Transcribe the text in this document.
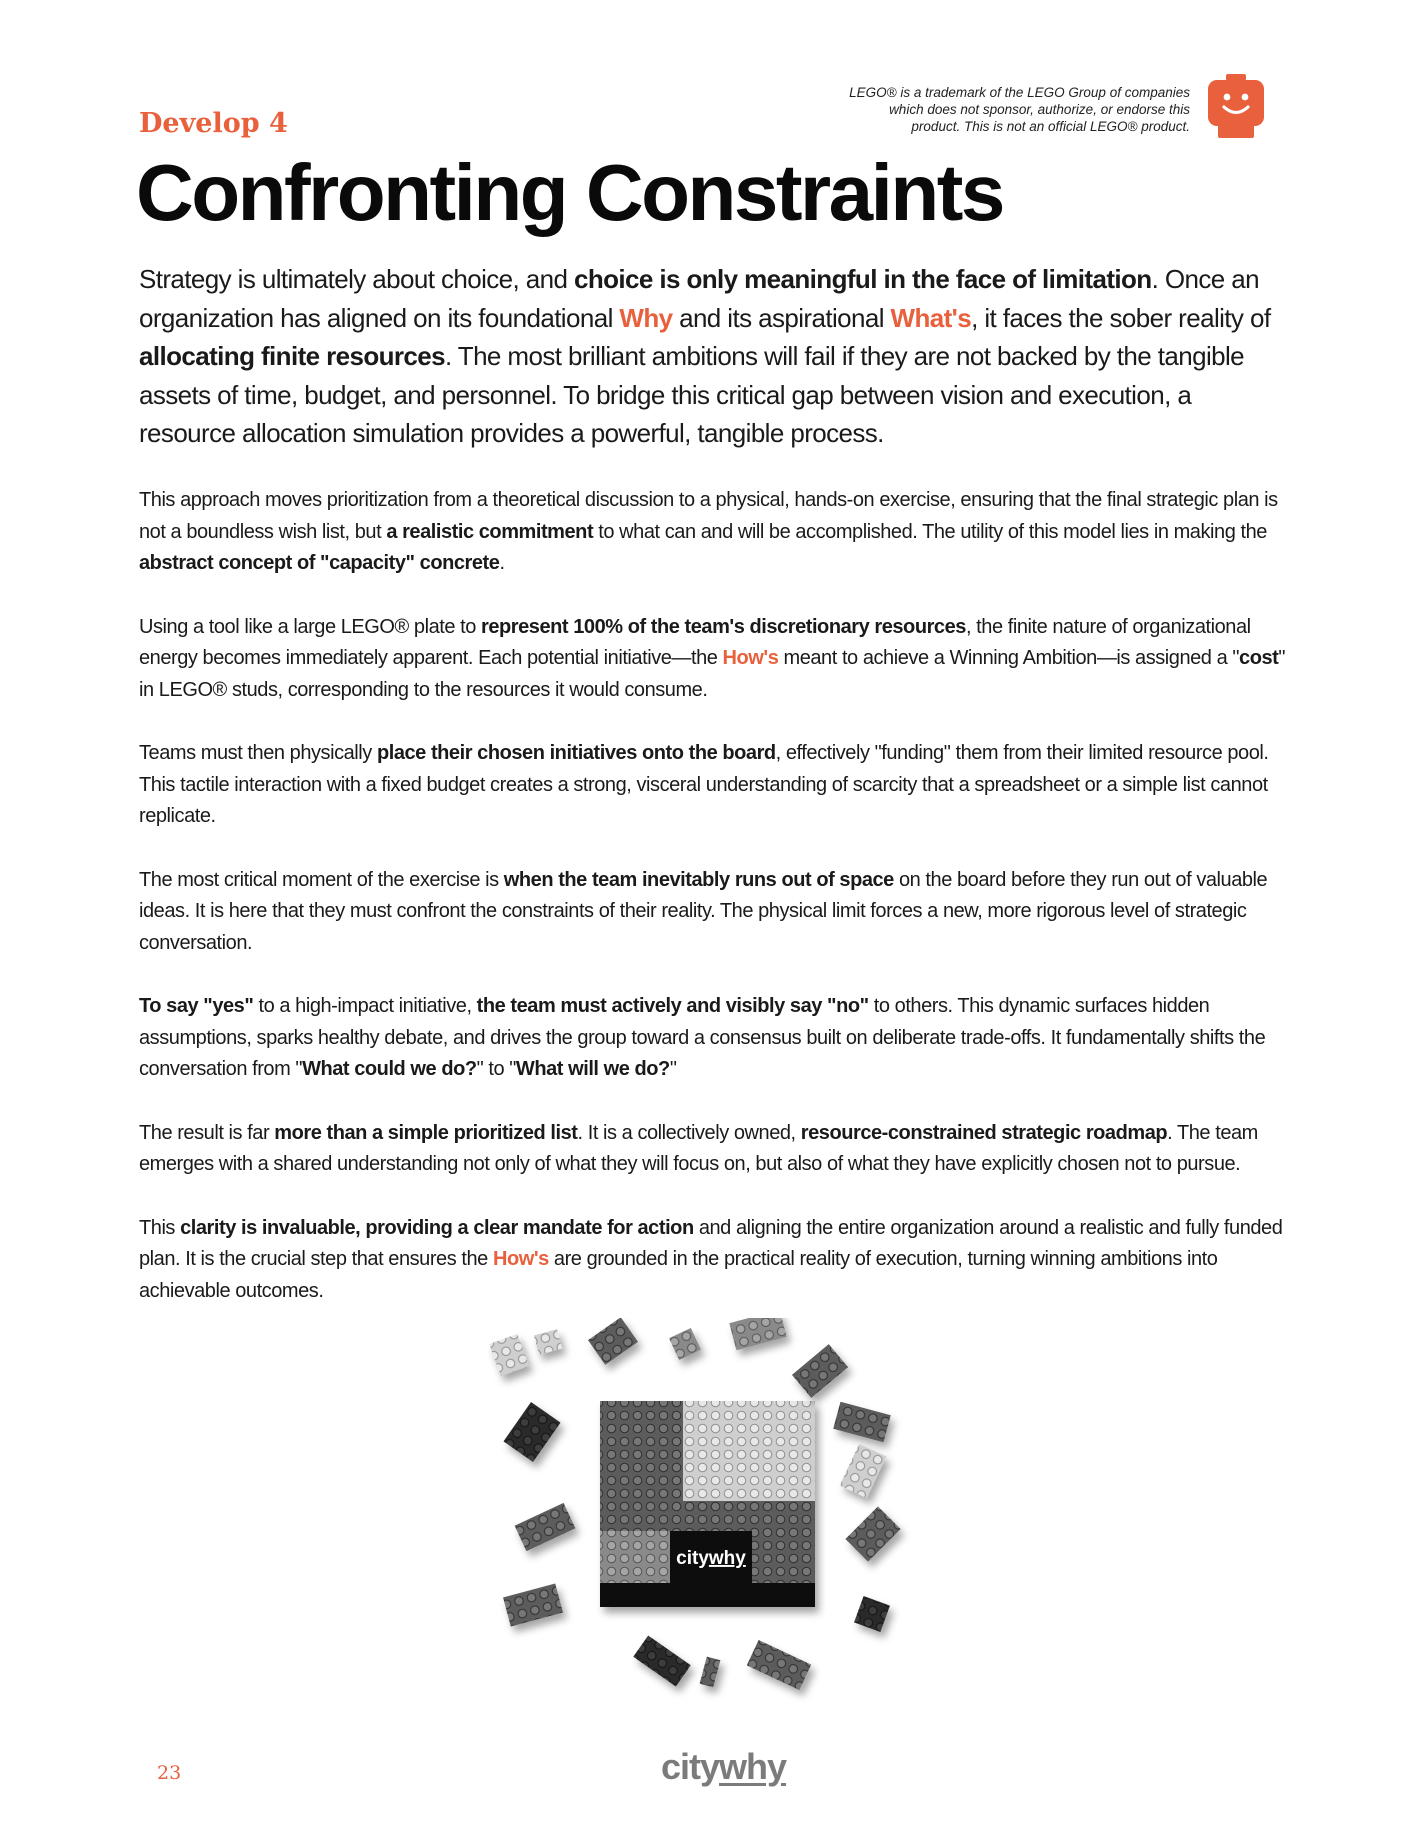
LEGO® is a trademark of the LEGO Group of companies
which does not sponsor, authorize, or endorse this
product. This is not an official LEGO® product.
Develop 4
Confronting Constraints

Strategy is ultimately about choice, and choice is only meaningful in the face of limitation. Once an organization has aligned on its foundational Why and its aspirational What's, it faces the sober reality of allocating finite resources. The most brilliant ambitions will fail if they are not backed by the tangible assets of time, budget, and personnel. To bridge this critical gap between vision and execution, a resource allocation simulation provides a powerful, tangible process.

This approach moves prioritization from a theoretical discussion to a physical, hands-on exercise, ensuring that the final strategic plan is not a boundless wish list, but a realistic commitment to what can and will be accomplished. The utility of this model lies in making the abstract concept of "capacity" concrete.

Using a tool like a large LEGO® plate to represent 100% of the team's discretionary resources, the finite nature of organizational energy becomes immediately apparent. Each potential initiative—the How's meant to achieve a Winning Ambition—is assigned a "cost" in LEGO® studs, corresponding to the resources it would consume.

Teams must then physically place their chosen initiatives onto the board, effectively "funding" them from their limited resource pool. This tactile interaction with a fixed budget creates a strong, visceral understanding of scarcity that a spreadsheet or a simple list cannot replicate.

The most critical moment of the exercise is when the team inevitably runs out of space on the board before they run out of valuable ideas. It is here that they must confront the constraints of their reality. The physical limit forces a new, more rigorous level of strategic conversation.

To say "yes" to a high-impact initiative, the team must actively and visibly say "no" to others. This dynamic surfaces hidden assumptions, sparks healthy debate, and drives the group toward a consensus built on deliberate trade-offs. It fundamentally shifts the conversation from "What could we do?" to "What will we do?"

The result is far more than a simple prioritized list. It is a collectively owned, resource-constrained strategic roadmap. The team emerges with a shared understanding not only of what they will focus on, but also of what they have explicitly chosen not to pursue.

This clarity is invaluable, providing a clear mandate for action and aligning the entire organization around a realistic and fully funded plan. It is the crucial step that ensures the How's are grounded in the practical reality of execution, turning winning ambitions into achievable outcomes.

citywhy
23	citywhy
